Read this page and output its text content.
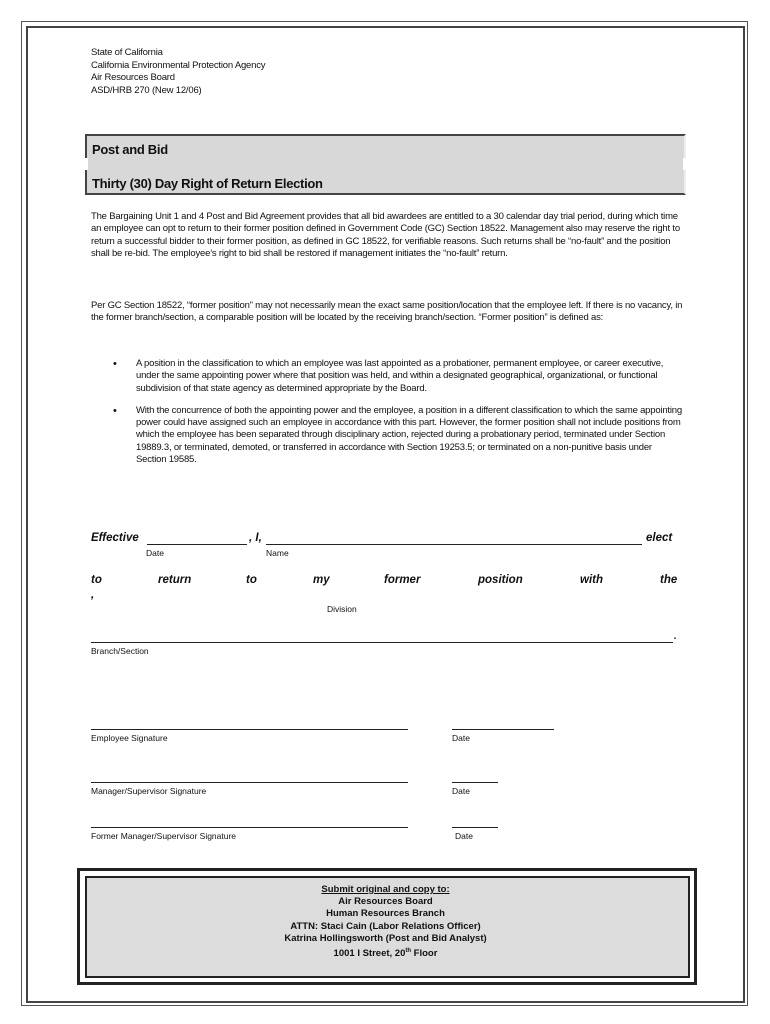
State of California
California Environmental Protection Agency
Air Resources Board
ASD/HRB 270 (New 12/06)
Post and Bid
Thirty (30) Day Right of Return Election
The Bargaining Unit 1 and 4 Post and Bid Agreement provides that all bid awardees are entitled to a 30 calendar day trial period, during which time an employee can opt to return to their former position defined in Government Code (GC) Section 18522. Management also may reserve the right to return a successful bidder to their former position, as defined in GC 18522, for verifiable reasons. Such returns shall be “no-fault” and the position shall be re-bid. The employee’s right to bid shall be restored if management initiates the “no-fault” return.
Per GC Section 18522, “former position” may not necessarily mean the exact same position/location that the employee left. If there is no vacancy, in the former branch/section, a comparable position will be located by the receiving branch/section. “Former position” is defined as:
• A position in the classification to which an employee was last appointed as a probationer, permanent employee, or career executive, under the same appointing power where that position was held, and within a designated geographical, organizational, or functional subdivision of that state agency as determined appropriate by the Board.
• With the concurrence of both the appointing power and the employee, a position in a different classification to which the same appointing power could have assigned such an employee in accordance with this part. However, the former position shall not include positions from which the employee has been separated through disciplinary action, rejected during a probationary period, terminated under Section 19889.3, or terminated, demoted, or transferred in accordance with Section 19253.5; or terminated on a non-punitive basis under Section 19585.
Effective	, I,	elect
Date	Name
to	return	to	my	former	position	with	the
,
Division
.
Branch/Section
Employee Signature	Date
Manager/Supervisor Signature	Date
Former Manager/Supervisor Signature	Date
Submit original and copy to:
Air Resources Board
Human Resources Branch
ATTN: Staci Cain (Labor Relations Officer)
Katrina Hollingsworth (Post and Bid Analyst)
1001 I Street, 20th Floor
